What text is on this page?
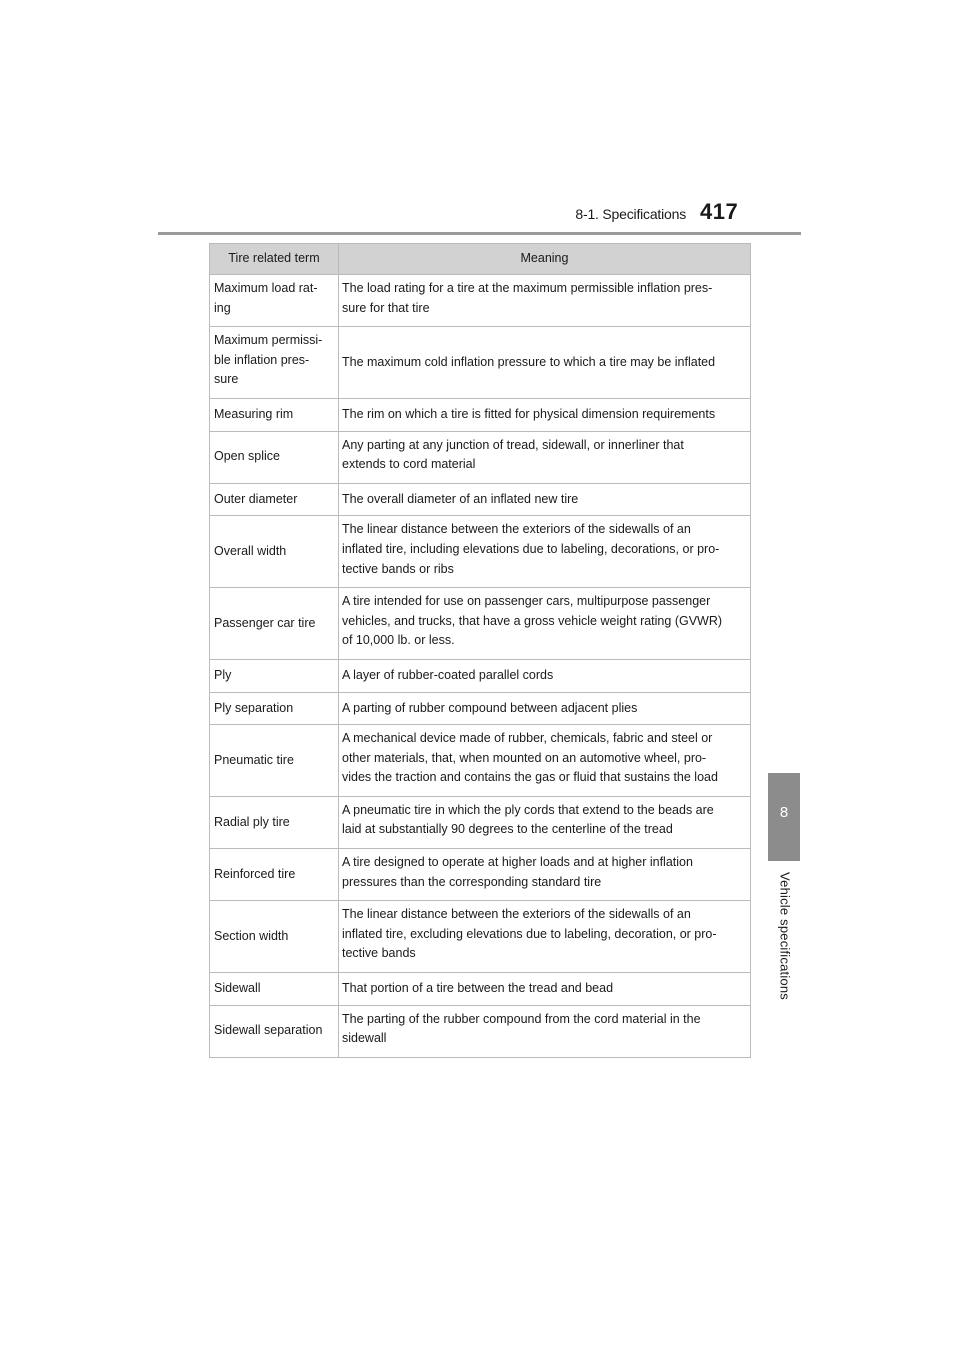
8-1. Specifications 417
8
Vehicle specifications
Tire related term	Meaning
Maximum load rat-
ing	The load rating for a tire at the maximum permissible inflation pres-
sure for that tire
Maximum permissi-
ble inflation pres-
sure	The maximum cold inflation pressure to which a tire may be inflated
Measuring rim	The rim on which a tire is fitted for physical dimension requirements
Open splice	Any parting at any junction of tread, sidewall, or innerliner that
extends to cord material
Outer diameter	The overall diameter of an inflated new tire
Overall width	The linear distance between the exteriors of the sidewalls of an
inflated tire, including elevations due to labeling, decorations, or pro-
tective bands or ribs
Passenger car tire	A tire intended for use on passenger cars, multipurpose passenger
vehicles, and trucks, that have a gross vehicle weight rating (GVWR)
of 10,000 lb. or less.
Ply	A layer of rubber-coated parallel cords
Ply separation	A parting of rubber compound between adjacent plies
Pneumatic tire	A mechanical device made of rubber, chemicals, fabric and steel or
other materials, that, when mounted on an automotive wheel, pro-
vides the traction and contains the gas or fluid that sustains the load
Radial ply tire	A pneumatic tire in which the ply cords that extend to the beads are
laid at substantially 90 degrees to the centerline of the tread
Reinforced tire	A tire designed to operate at higher loads and at higher inflation
pressures than the corresponding standard tire
Section width	The linear distance between the exteriors of the sidewalls of an
inflated tire, excluding elevations due to labeling, decoration, or pro-
tective bands
Sidewall	That portion of a tire between the tread and bead
Sidewall separation	The parting of the rubber compound from the cord material in the
sidewall
